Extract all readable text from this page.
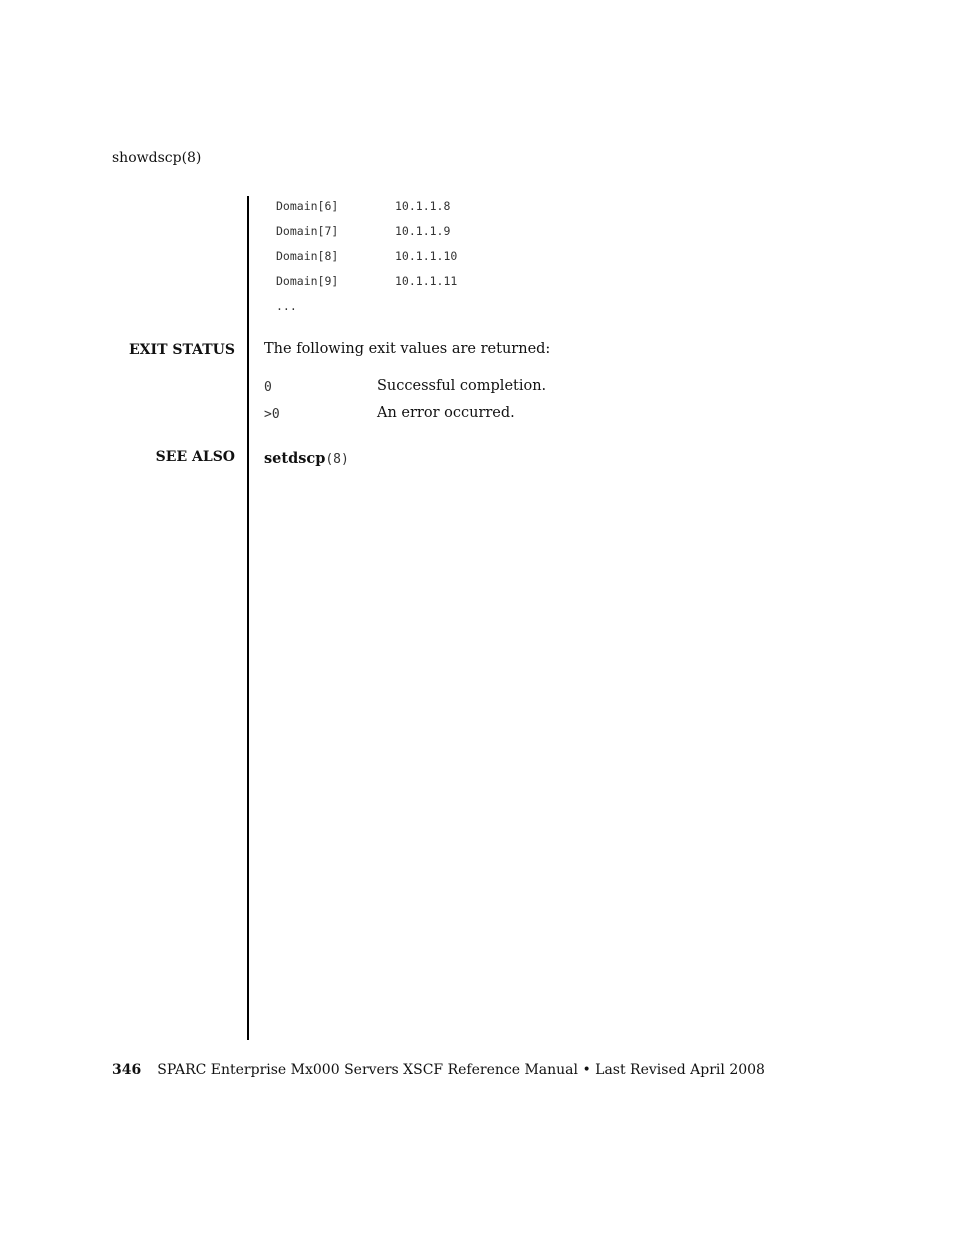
showdscp(8)
Domain[6]	10.1.1.8
Domain[7]	10.1.1.9
Domain[8]	10.1.1.10
Domain[9]	10.1.1.11
...
EXIT STATUS The following exit values are returned:
0	Successful completion.
>0	An error occurred.
SEE ALSO setdscp(8)
346 SPARC Enterprise Mx000 Servers XSCF Reference Manual • Last Revised April 2008
